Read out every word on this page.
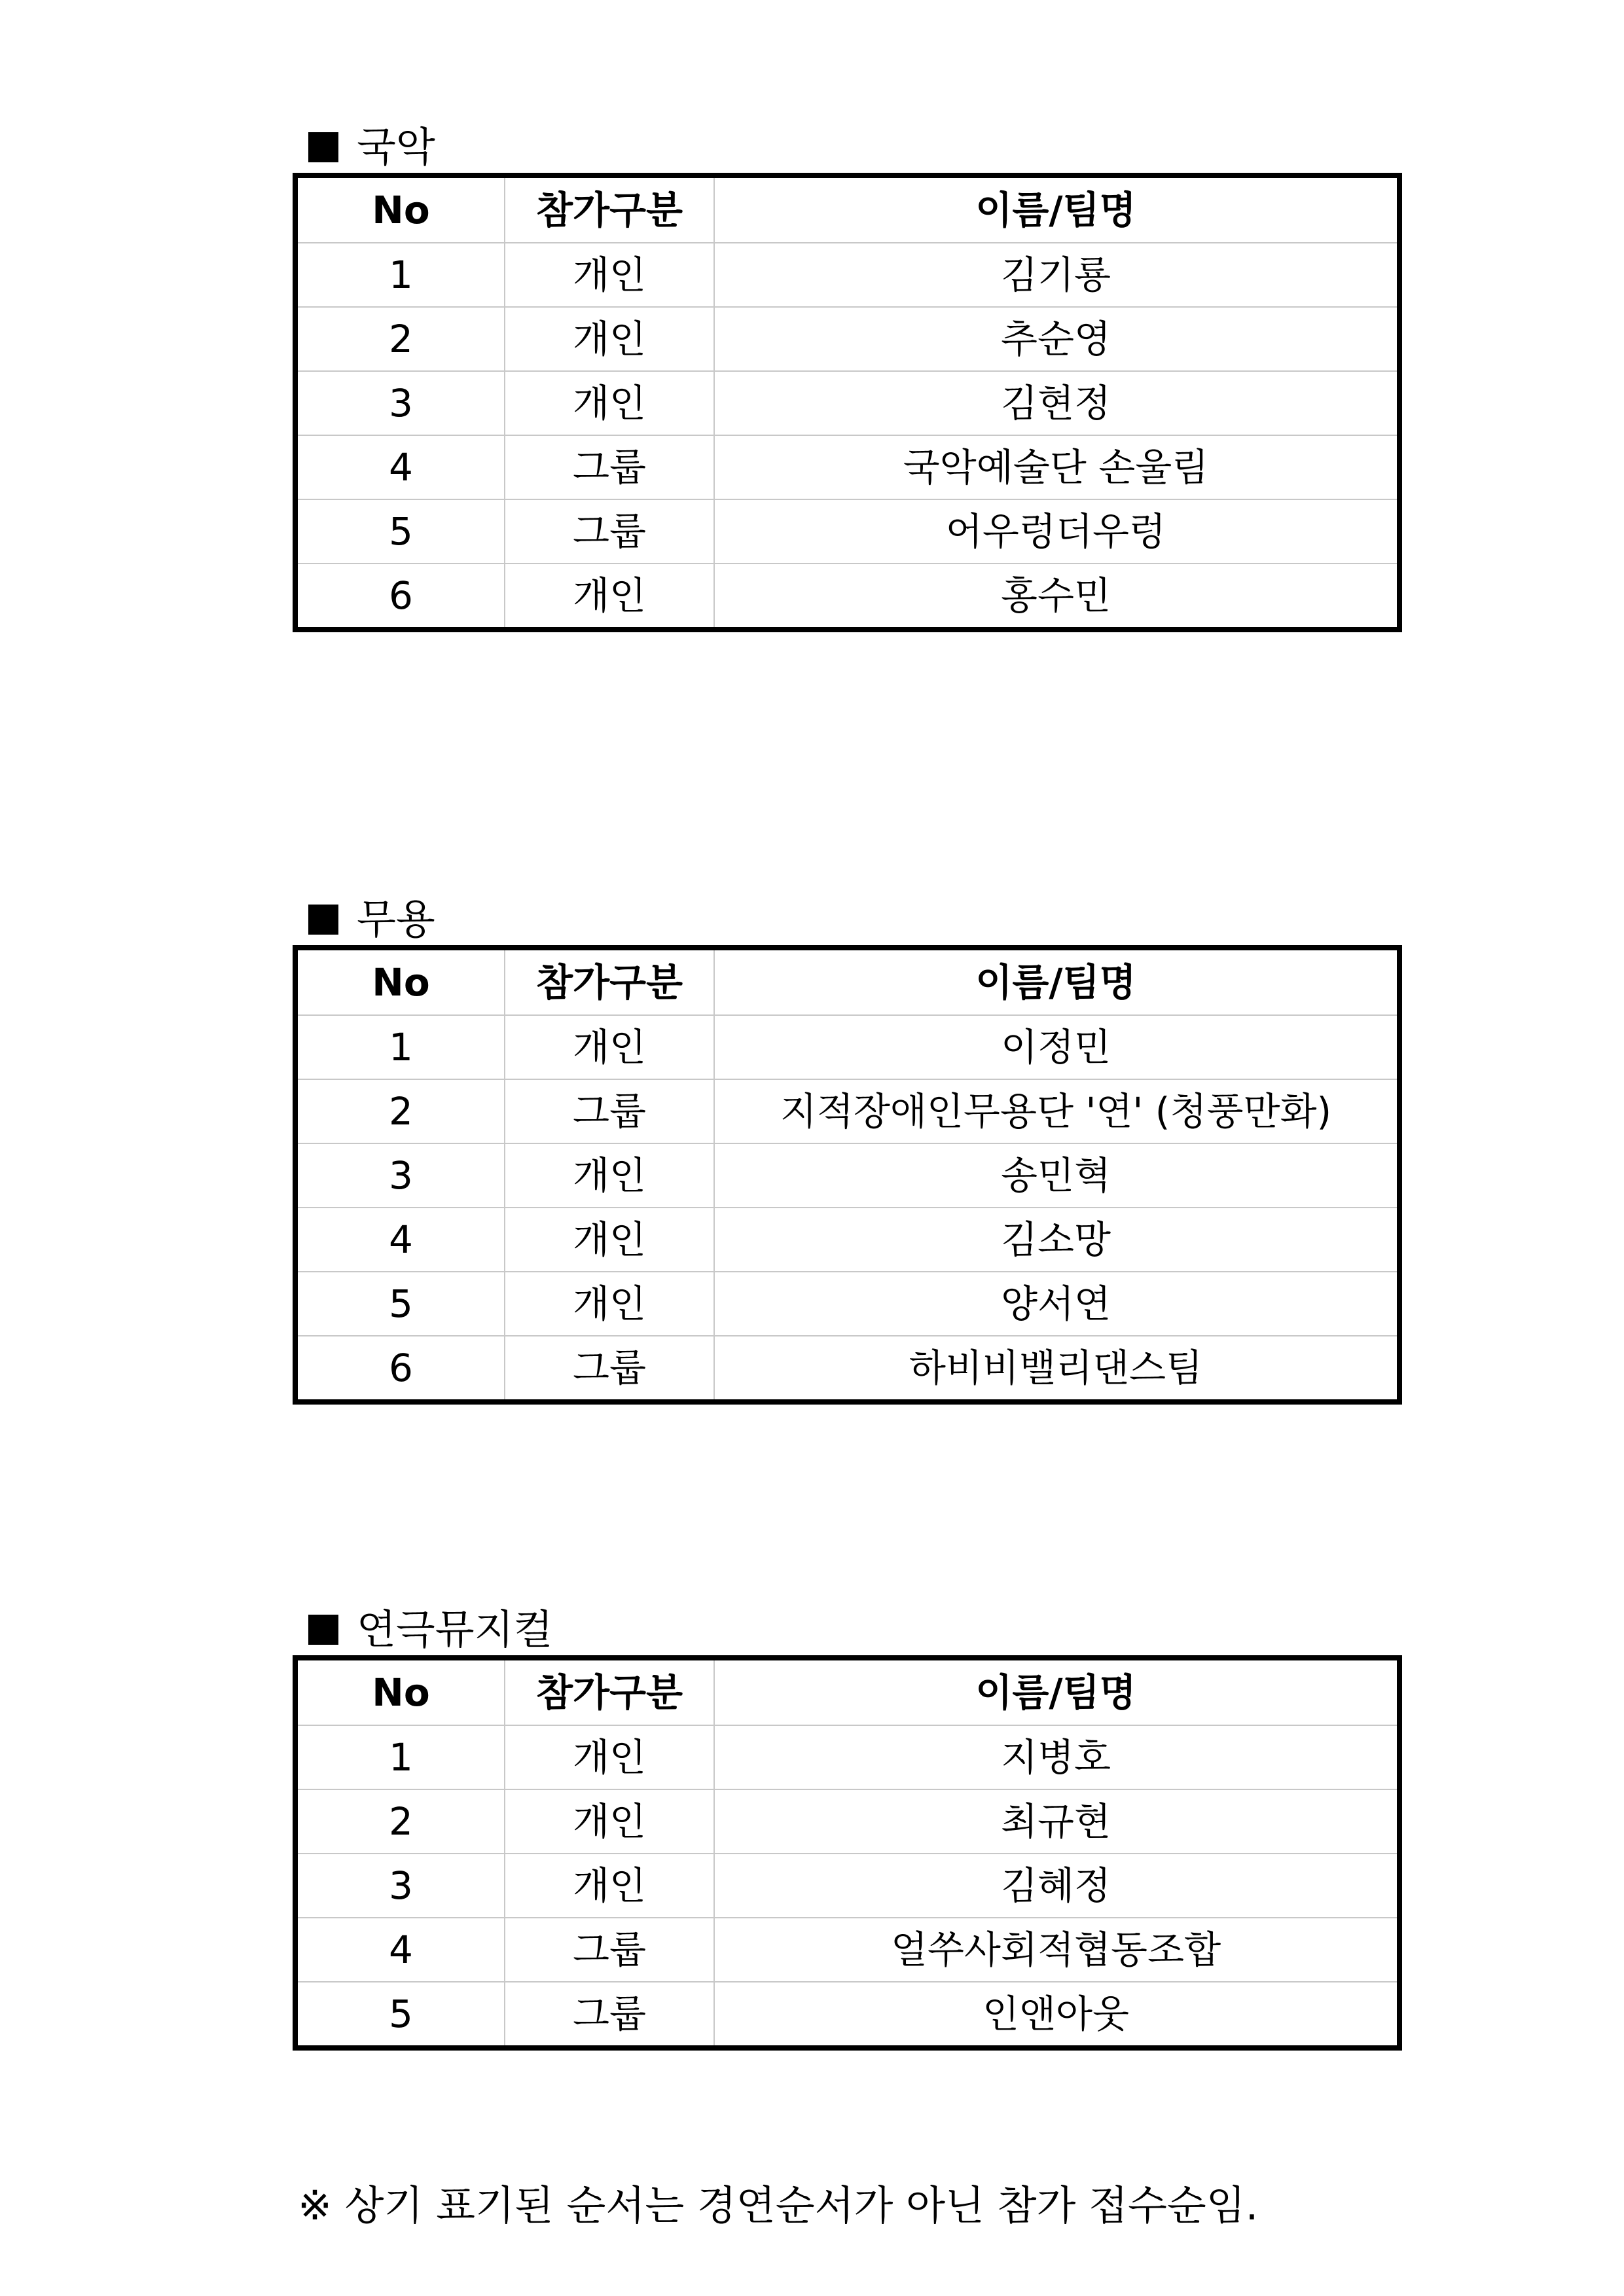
국악
No	참가구분	이름/팀명
1	개인	김기룡
2	개인	추순영
3	개인	김현정
4	그룹	국악예술단 손울림
5	그룹	어우렁더우렁
6	개인	홍수민
무용
No	참가구분	이름/팀명
1	개인	이정민
2	그룹	지적장애인무용단 '연' (청풍만화)
3	개인	송민혁
4	개인	김소망
5	개인	양서연
6	그룹	하비비밸리댄스팀
연극뮤지컬
No	참가구분	이름/팀명
1	개인	지병호
2	개인	최규현
3	개인	김혜정
4	그룹	얼쑤사회적협동조합
5	그룹	인앤아웃
※ 상기 표기된 순서는 경연순서가 아닌 참가 접수순임.
